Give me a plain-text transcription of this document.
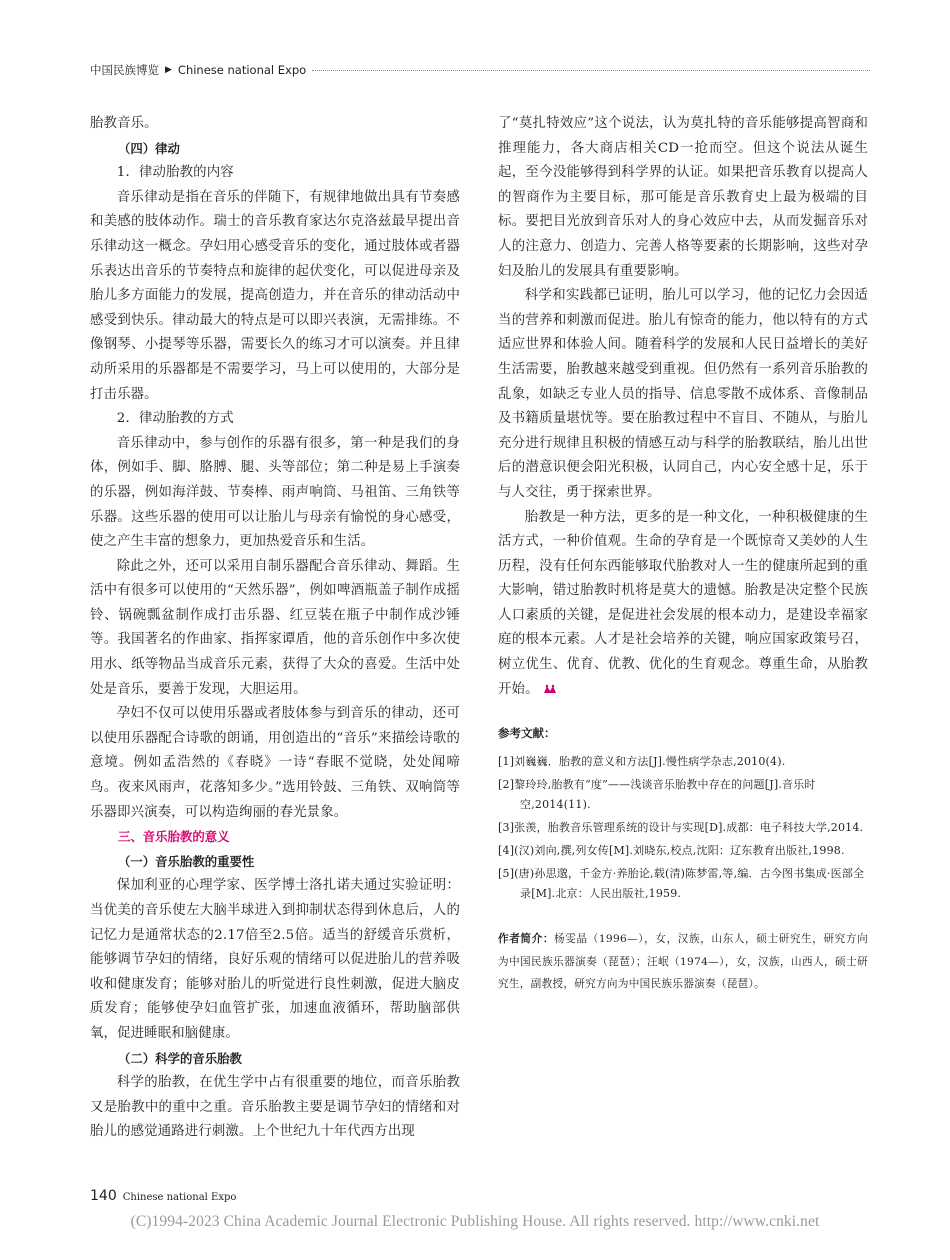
中国民族博览 ▶ Chinese national Expo

胎教音乐。

（四）律动

1．律动胎教的内容

音乐律动是指在音乐的伴随下，有规律地做出具有节奏感和美感的肢体动作。瑞士的音乐教育家达尔克洛兹最早提出音乐律动这一概念。孕妇用心感受音乐的变化，通过肢体或者器乐表达出音乐的节奏特点和旋律的起伏变化，可以促进母亲及胎儿多方面能力的发展，提高创造力，并在音乐的律动活动中感受到快乐。律动最大的特点是可以即兴表演，无需排练。不像钢琴、小提琴等乐器，需要长久的练习才可以演奏。并且律动所采用的乐器都是不需要学习，马上可以使用的，大部分是打击乐器。

2．律动胎教的方式

音乐律动中，参与创作的乐器有很多，第一种是我们的身体，例如手、脚、胳膊、腿、头等部位；第二种是易上手演奏的乐器，例如海洋鼓、节奏棒、雨声响筒、马祖笛、三角铁等乐器。这些乐器的使用可以让胎儿与母亲有愉悦的身心感受，使之产生丰富的想象力，更加热爱音乐和生活。

除此之外，还可以采用自制乐器配合音乐律动、舞蹈。生活中有很多可以使用的“天然乐器”，例如啤酒瓶盖子制作成摇铃、锅碗瓢盆制作成打击乐器、红豆装在瓶子中制作成沙锤等。我国著名的作曲家、指挥家谭盾，他的音乐创作中多次使用水、纸等物品当成音乐元素，获得了大众的喜爱。生活中处处是音乐，要善于发现，大胆运用。

孕妇不仅可以使用乐器或者肢体参与到音乐的律动，还可以使用乐器配合诗歌的朗诵，用创造出的“音乐”来描绘诗歌的意境。例如孟浩然的《春晓》一诗“春眠不觉晓，处处闻啼鸟。夜来风雨声，花落知多少。”选用铃鼓、三角铁、双响筒等乐器即兴演奏，可以构造绚丽的春光景象。

三、音乐胎教的意义

（一）音乐胎教的重要性

保加利亚的心理学家、医学博士洛扎诺夫通过实验证明：当优美的音乐使左大脑半球进入到抑制状态得到休息后，人的记忆力是通常状态的2.17倍至2.5倍。适当的舒缓音乐赏析，能够调节孕妇的情绪，良好乐观的情绪可以促进胎儿的营养吸收和健康发育；能够对胎儿的听觉进行良性刺激，促进大脑皮质发育；能够使孕妇血管扩张，加速血液循环，帮助脑部供氧，促进睡眠和脑健康。

（二）科学的音乐胎教

科学的胎教，在优生学中占有很重要的地位，而音乐胎教又是胎教中的重中之重。音乐胎教主要是调节孕妇的情绪和对胎儿的感觉通路进行刺激。上个世纪九十年代西方出现

了“莫扎特效应”这个说法，认为莫扎特的音乐能够提高智商和推理能力，各大商店相关CD一抢而空。但这个说法从诞生起，至今没能够得到科学界的认证。如果把音乐教育以提高人的智商作为主要目标，那可能是音乐教育史上最为极端的目标。要把目光放到音乐对人的身心效应中去，从而发掘音乐对人的注意力、创造力、完善人格等要素的长期影响，这些对孕妇及胎儿的发展具有重要影响。

科学和实践都已证明，胎儿可以学习，他的记忆力会因适当的营养和刺激而促进。胎儿有惊奇的能力，他以特有的方式适应世界和体验人间。随着科学的发展和人民日益增长的美好生活需要，胎教越来越受到重视。但仍然有一系列音乐胎教的乱象，如缺乏专业人员的指导、信息零散不成体系、音像制品及书籍质量堪忧等。要在胎教过程中不盲目、不随从，与胎儿充分进行规律且积极的情感互动与科学的胎教联结，胎儿出世后的潜意识便会阳光积极，认同自己，内心安全感十足，乐于与人交往，勇于探索世界。

胎教是一种方法，更多的是一种文化，一种积极健康的生活方式，一种价值观。生命的孕育是一个既惊奇又美妙的人生历程，没有任何东西能够取代胎教对人一生的健康所起到的重大影响，错过胎教时机将是莫大的遗憾。胎教是决定整个民族人口素质的关键，是促进社会发展的根本动力，是建设幸福家庭的根本元素。人才是社会培养的关键，响应国家政策号召，树立优生、优育、优教、优化的生育观念。尊重生命，从胎教开始。

参考文献：

[1]刘巍巍．胎教的意义和方法[J].慢性病学杂志,2010(4).

[2]黎玲玲,胎教有“度”——浅谈音乐胎教中存在的问题[J].音乐时空,2014(11).

[3]张羡，胎教音乐管理系统的设计与实现[D].成都：电子科技大学,2014.

[4](汉)刘向,撰,列女传[M].刘晓东,校点,沈阳：辽东教育出版社,1998.

[5](唐)孙思邈，千金方·养胎论,载(清)陈梦雷,等,编．古今图书集成·医部全录[M].北京：人民出版社,1959.

作者简介：杨雯晶（1996—），女，汉族，山东人，硕士研究生，研究方向为中国民族乐器演奏（琵琶）；汪岷（1974—），女，汉族，山西人，硕士研究生，副教授，研究方向为中国民族乐器演奏（琵琶）。
140 Chinese national Expo
(C)1994-2023 China Academic Journal Electronic Publishing House. All rights reserved. http://www.cnki.net
